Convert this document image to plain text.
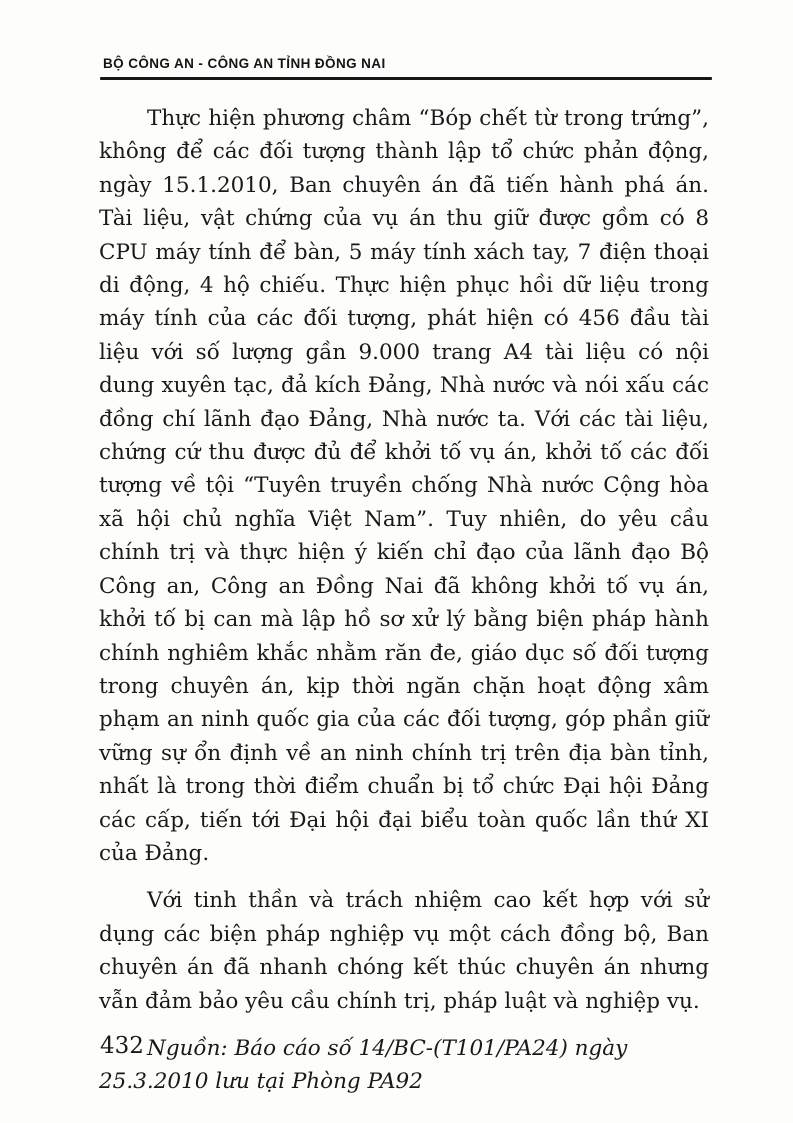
BỘ CÔNG AN - CÔNG AN TỈNH ĐỒNG NAI

Thực hiện phương châm “Bóp chết từ trong trứng”, không để các đối tượng thành lập tổ chức phản động, ngày 15.1.2010, Ban chuyên án đã tiến hành phá án. Tài liệu, vật chứng của vụ án thu giữ được gồm có 8 CPU máy tính để bàn, 5 máy tính xách tay, 7 điện thoại di động, 4 hộ chiếu. Thực hiện phục hồi dữ liệu trong máy tính của các đối tượng, phát hiện có 456 đầu tài liệu với số lượng gần 9.000 trang A4 tài liệu có nội dung xuyên tạc, đả kích Đảng, Nhà nước và nói xấu các đồng chí lãnh đạo Đảng, Nhà nước ta. Với các tài liệu, chứng cứ thu được đủ để khởi tố vụ án, khởi tố các đối tượng về tội “Tuyên truyền chống Nhà nước Cộng hòa xã hội chủ nghĩa Việt Nam”. Tuy nhiên, do yêu cầu chính trị và thực hiện ý kiến chỉ đạo của lãnh đạo Bộ Công an, Công an Đồng Nai đã không khởi tố vụ án, khởi tố bị can mà lập hồ sơ xử lý bằng biện pháp hành chính nghiêm khắc nhằm răn đe, giáo dục số đối tượng trong chuyên án, kịp thời ngăn chặn hoạt động xâm phạm an ninh quốc gia của các đối tượng, góp phần giữ vững sự ổn định về an ninh chính trị trên địa bàn tỉnh, nhất là trong thời điểm chuẩn bị tổ chức Đại hội Đảng các cấp, tiến tới Đại hội đại biểu toàn quốc lần thứ XI của Đảng.

Với tinh thần và trách nhiệm cao kết hợp với sử dụng các biện pháp nghiệp vụ một cách đồng bộ, Ban chuyên án đã nhanh chóng kết thúc chuyên án nhưng vẫn đảm bảo yêu cầu chính trị, pháp luật và nghiệp vụ.

Nguồn: Báo cáo số 14/BC-(T101/PA24) ngày 25.3.2010 lưu tại Phòng PA92

432
